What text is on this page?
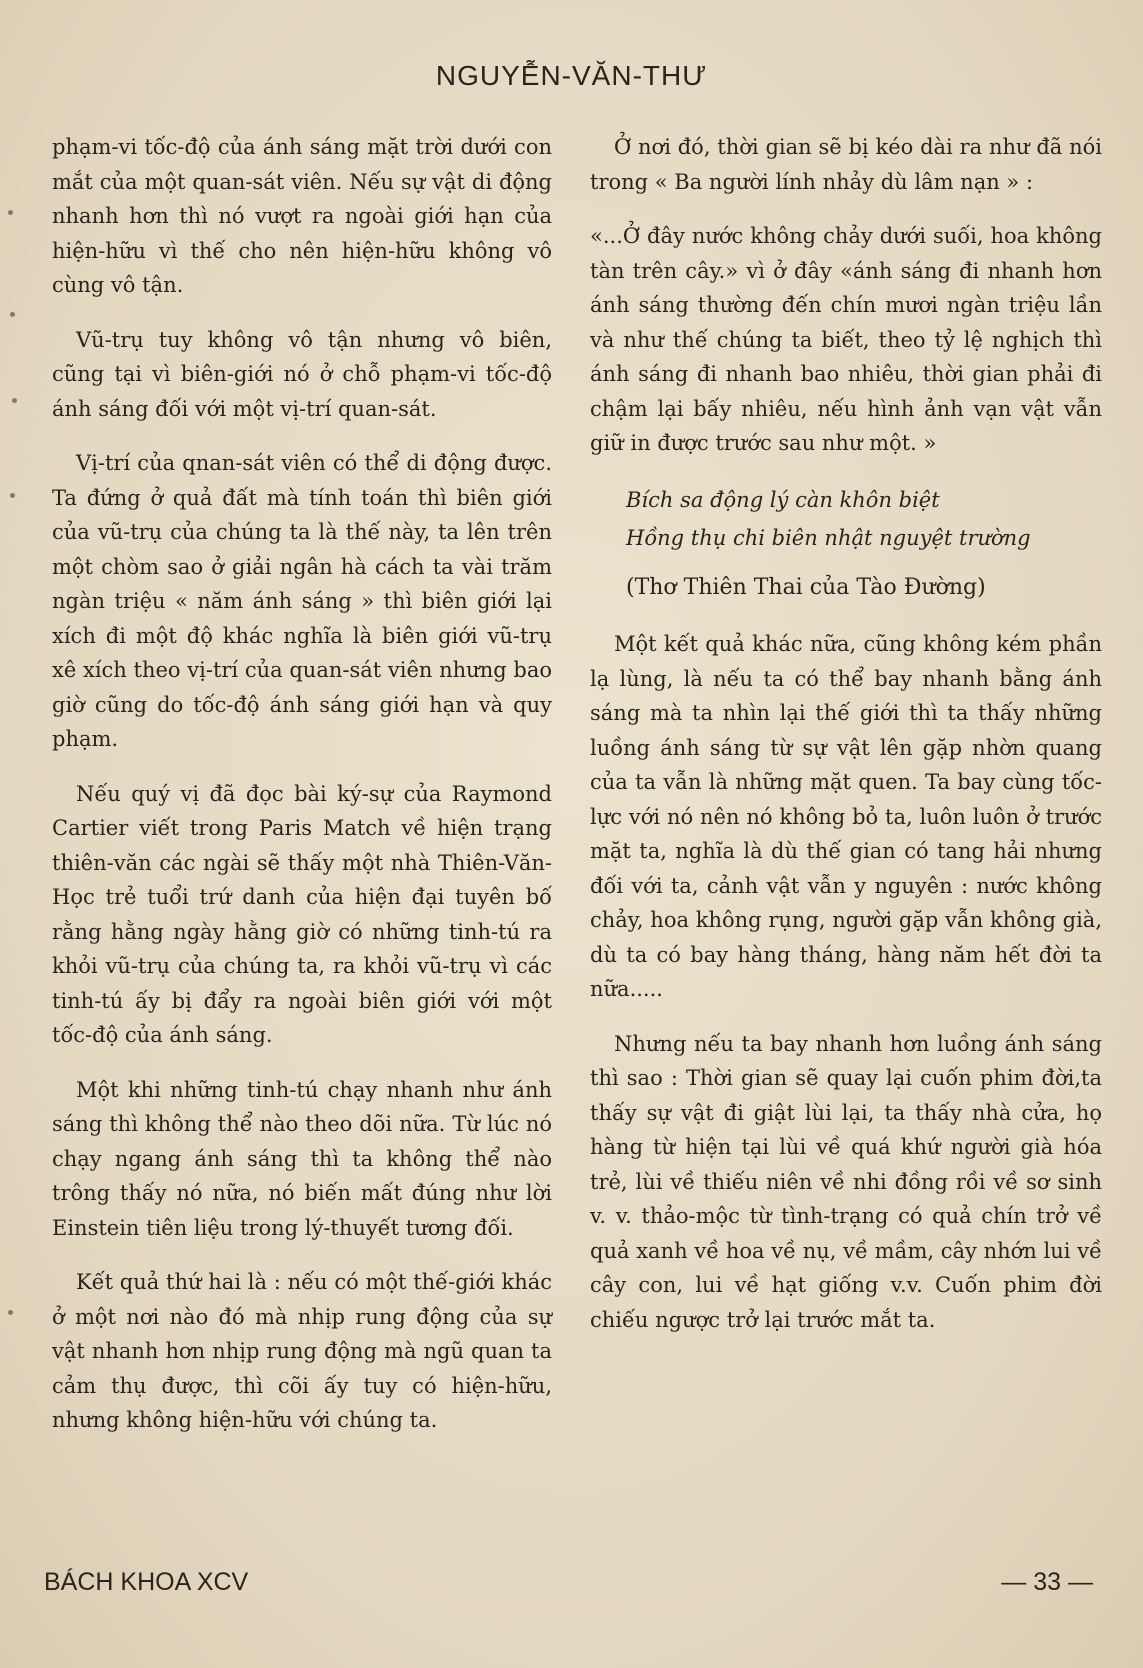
NGUYỄN-VĂN-THƯ

phạm-vi tốc-độ của ánh sáng mặt trời dưới con mắt của một quan-sát viên. Nếu sự vật di động nhanh hơn thì nó vượt ra ngoài giới hạn của hiện-hữu vì thế cho nên hiện-hữu không vô cùng vô tận.

Vũ-trụ tuy không vô tận nhưng vô biên, cũng tại vì biên-giới nó ở chỗ phạm-vi tốc-độ ánh sáng đối với một vị-trí quan-sát.

Vị-trí của qnan-sát viên có thể di động được. Ta đứng ở quả đất mà tính toán thì biên giới của vũ-trụ của chúng ta là thế này, ta lên trên một chòm sao ở giải ngân hà cách ta vài trăm ngàn triệu « năm ánh sáng » thì biên giới lại xích đi một độ khác nghĩa là biên giới vũ-trụ xê xích theo vị-trí của quan-sát viên nhưng bao giờ cũng do tốc-độ ánh sáng giới hạn và quy phạm.

Nếu quý vị đã đọc bài ký-sự của Raymond Cartier viết trong Paris Match về hiện trạng thiên-văn các ngài sẽ thấy một nhà Thiên-Văn-Học trẻ tuổi trứ danh của hiện đại tuyên bố rằng hằng ngày hằng giờ có những tinh-tú ra khỏi vũ-trụ của chúng ta, ra khỏi vũ-trụ vì các tinh-tú ấy bị đẩy ra ngoài biên giới với một tốc-độ của ánh sáng.

Một khi những tinh-tú chạy nhanh như ánh sáng thì không thể nào theo dõi nữa. Từ lúc nó chạy ngang ánh sáng thì ta không thể nào trông thấy nó nữa, nó biến mất đúng như lời Einstein tiên liệu trong lý-thuyết tương đối.

Kết quả thứ hai là : nếu có một thế-giới khác ở một nơi nào đó mà nhịp rung động của sự vật nhanh hơn nhịp rung động mà ngũ quan ta cảm thụ được, thì cõi ấy tuy có hiện-hữu, nhưng không hiện-hữu với chúng ta.

Ở nơi đó, thời gian sẽ bị kéo dài ra như đã nói trong « Ba người lính nhảy dù lâm nạn » :

«...Ở đây nước không chảy dưới suối, hoa không tàn trên cây.» vì ở đây «ánh sáng đi nhanh hơn ánh sáng thường đến chín mươi ngàn triệu lần và như thế chúng ta biết, theo tỷ lệ nghịch thì ánh sáng đi nhanh bao nhiêu, thời gian phải đi chậm lại bấy nhiêu, nếu hình ảnh vạn vật vẫn giữ in được trước sau như một. »

Bích sa động lý càn khôn biệt

Hồng thụ chi biên nhật nguyệt trường

(Thơ Thiên Thai của Tào Đường)

Một kết quả khác nữa, cũng không kém phần lạ lùng, là nếu ta có thể bay nhanh bằng ánh sáng mà ta nhìn lại thế giới thì ta thấy những luồng ánh sáng từ sự vật lên gặp nhờn quang của ta vẫn là những mặt quen. Ta bay cùng tốc-lực với nó nên nó không bỏ ta, luôn luôn ở trước mặt ta, nghĩa là dù thế gian có tang hải nhưng đối với ta, cảnh vật vẫn y nguyên : nước không chảy, hoa không rụng, người gặp vẫn không già, dù ta có bay hàng tháng, hàng năm hết đời ta nữa.....

Nhưng nếu ta bay nhanh hơn luồng ánh sáng thì sao : Thời gian sẽ quay lại cuốn phim đời,ta thấy sự vật đi giật lùi lại, ta thấy nhà cửa, họ hàng từ hiện tại lùi về quá khứ người già hóa trẻ, lùi về thiếu niên về nhi đồng rồi về sơ sinh v. v. thảo-mộc từ tình-trạng có quả chín trở về quả xanh về hoa về nụ, về mầm, cây nhớn lui về cây con, lui về hạt giống v.v. Cuốn phim đời chiếu ngược trở lại trước mắt ta.

BÁCH KHOA XCV	— 33 —
